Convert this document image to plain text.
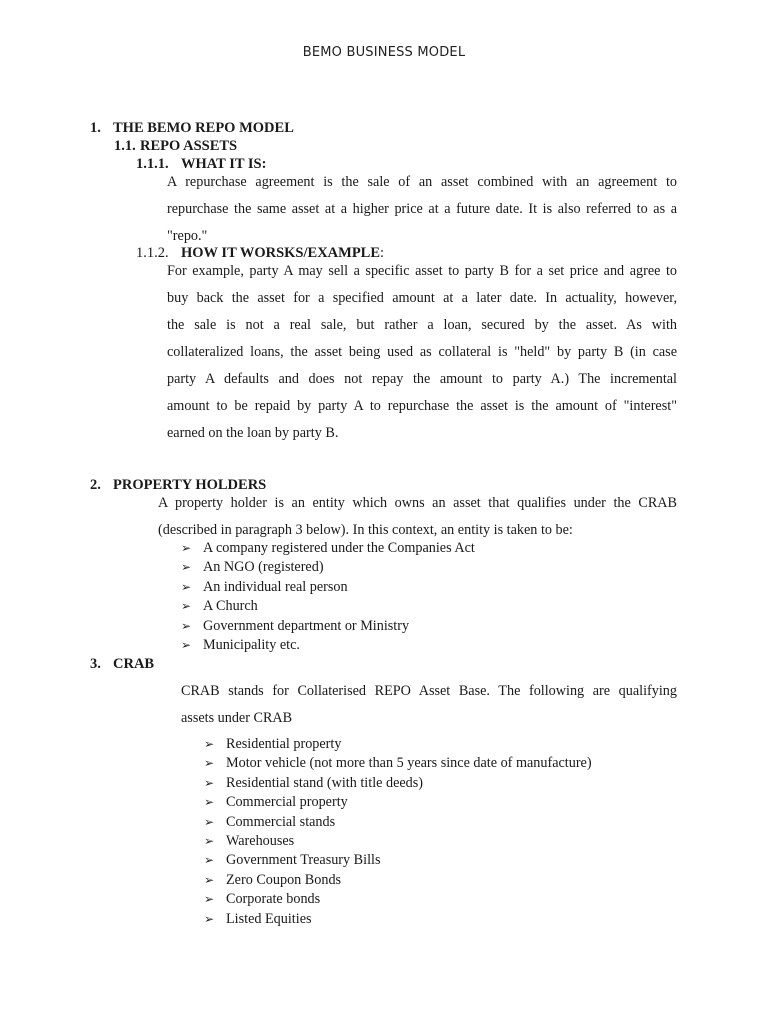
BEMO BUSINESS MODEL
1. THE BEMO REPO MODEL
1.1. REPO ASSETS
1.1.1. WHAT IT IS:
A repurchase agreement is the sale of an asset combined with an agreement to
repurchase the same asset at a higher price at a future date. It is also referred to as a
"repo."
1.1.2. HOW IT WORSKS/EXAMPLE:
For example, party A may sell a specific asset to party B for a set price and agree to
buy back the asset for a specified amount at a later date. In actuality, however,
the sale is not a real sale, but rather a loan, secured by the asset. As with
collateralized loans, the asset being used as collateral is "held" by party B (in case
party A defaults and does not repay the amount to party A.) The incremental
amount to be repaid by party A to repurchase the asset is the amount of "interest"
earned on the loan by party B.
2. PROPERTY HOLDERS
A property holder is an entity which owns an asset that qualifies under the CRAB
(described in paragraph 3 below). In this context, an entity is taken to be:
➢ A company registered under the Companies Act
➢ An NGO (registered)
➢ An individual real person
➢ A Church
➢ Government department or Ministry
➢ Municipality etc.
3. CRAB
CRAB stands for Collaterised REPO Asset Base. The following are qualifying
assets under CRAB
➢ Residential property
➢ Motor vehicle (not more than 5 years since date of manufacture)
➢ Residential stand (with title deeds)
➢ Commercial property
➢ Commercial stands
➢ Warehouses
➢ Government Treasury Bills
➢ Zero Coupon Bonds
➢ Corporate bonds
➢ Listed Equities
